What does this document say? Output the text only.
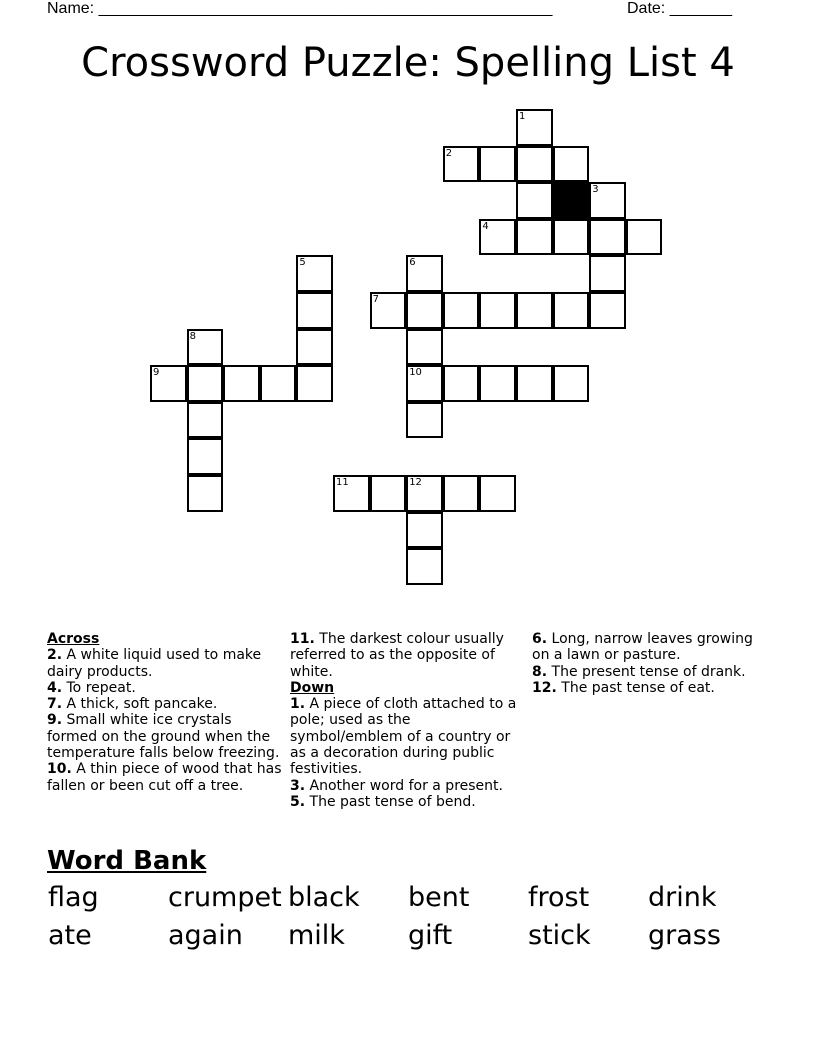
Name: ___________________________________________________	Date: _______
Crossword Puzzle: Spelling List 4
1
2
3
4
5	6
10
7
8
9
11	12

Across

2. A white liquid used to make dairy products.

4. To repeat.

7. A thick, soft pancake.

9. Small white ice crystals formed on the ground when the temperature falls below freezing.

10. A thin piece of wood that has fallen or been cut off a tree.

11. The darkest colour usually referred to as the opposite of white.

Down

1. A piece of cloth attached to a pole; used as the symbol/emblem of a country or as a decoration during public festivities.

3. Another word for a present.

5. The past tense of bend.

6. Long, narrow leaves growing on a lawn or pasture.

8. The present tense of drank.

12. The past tense of eat.

Word Bank
flag	crumpet black bent frost drink
ate	again milk gift	stick grass
